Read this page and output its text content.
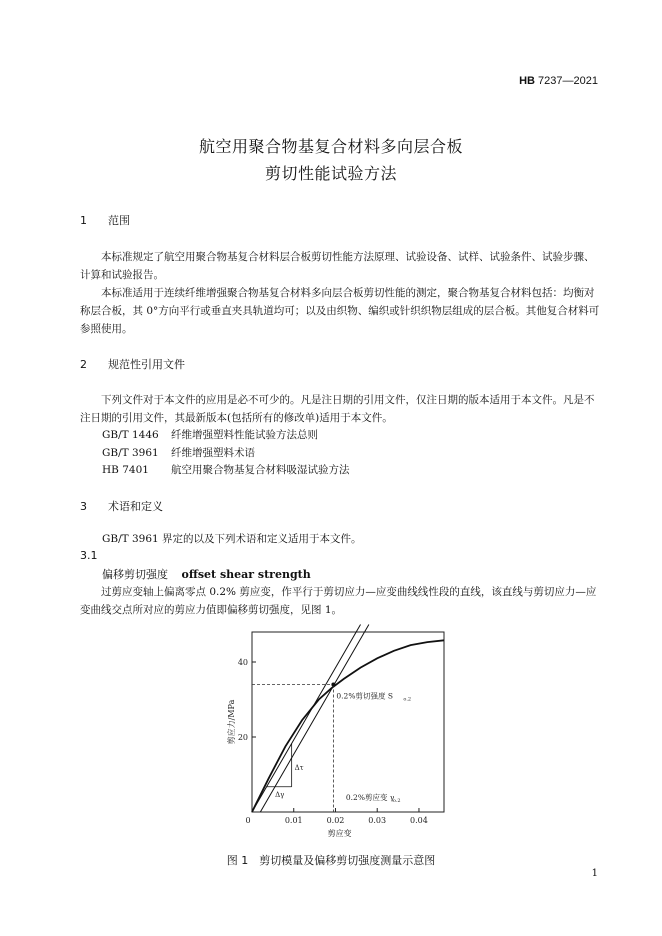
HB 7237—2021
航空用聚合物基复合材料多向层合板
剪切性能试验方法
1 范围
本标准规定了航空用聚合物基复合材料层合板剪切性能方法原理、试验设备、试样、试验条件、试验步骤、计算和试验报告。
本标准适用于连续纤维增强聚合物基复合材料多向层合板剪切性能的测定，聚合物基复合材料包括：均衡对称层合板，其 0°方向平行或垂直夹具轨道均可；以及由织物、编织或针织织物层组成的层合板。其他复合材料可参照使用。
2 规范性引用文件
下列文件对于本文件的应用是必不可少的。凡是注日期的引用文件，仅注日期的版本适用于本文件。凡是不注日期的引用文件，其最新版本(包括所有的修改单)适用于本文件。
GB/T 1446 纤维增强塑料性能试验方法总则
GB/T 3961 纤维增强塑料术语
HB 7401 航空用聚合物基复合材料吸湿试验方法
3 术语和定义
GB/T 3961 界定的以及下列术语和定义适用于本文件。
3.1
偏移剪切强度 offset shear strength
过剪应变轴上偏离零点 0.2% 剪应变，作平行于剪切应力—应变曲线线性段的直线，该直线与剪切应力—应变曲线交点所对应的剪应力值即偏移剪切强度，见图 1。
20
40
0	0.01	0.02	0.03	0.04
剪应变
剪应力/MPa
0.2%剪切强度 S o.2
0.2%剪应变 γ
o.2
Δτ
Δγ
图 1　剪切模量及偏移剪切强度测量示意图
1
